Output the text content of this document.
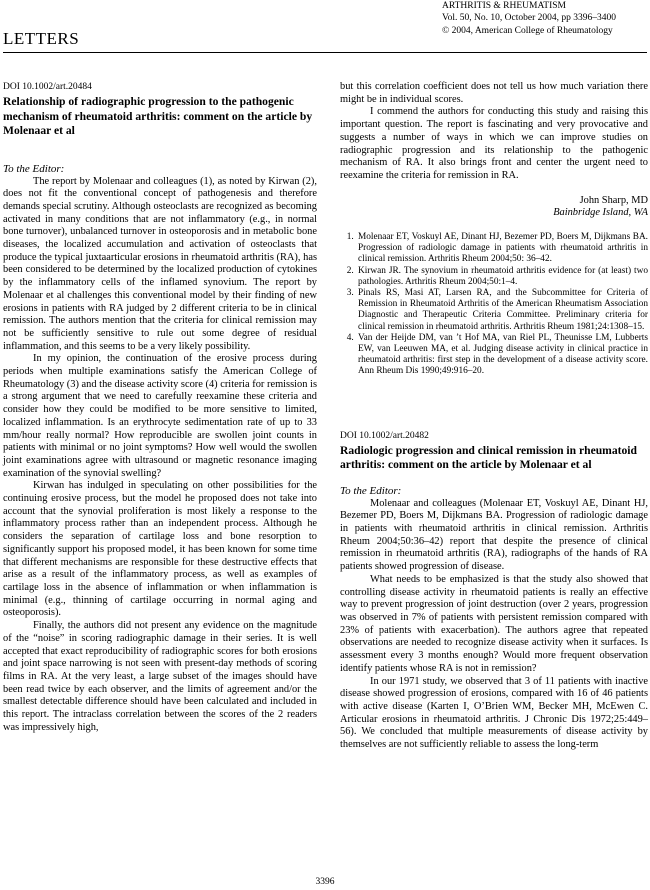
ARTHRITIS & RHEUMATISM
Vol. 50, No. 10, October 2004, pp 3396–3400
© 2004, American College of Rheumatology
LETTERS
DOI 10.1002/art.20484
Relationship of radiographic progression to the pathogenic mechanism of rheumatoid arthritis: comment on the article by Molenaar et al
To the Editor:

The report by Molenaar and colleagues (1), as noted by Kirwan (2), does not fit the conventional concept of pathogenesis and therefore demands special scrutiny. Although osteoclasts are recognized as becoming activated in many conditions that are not inflammatory (e.g., in normal bone turnover), unbalanced turnover in osteoporosis and in metabolic bone diseases, the localized accumulation and activation of osteoclasts that produce the typical juxtaarticular erosions in rheumatoid arthritis (RA), has been considered to be determined by the localized production of cytokines by the inflammatory cells of the inflamed synovium. The report by Molenaar et al challenges this conventional model by their finding of new erosions in patients with RA judged by 2 different criteria to be in clinical remission. The authors mention that the criteria for clinical remission may not be sufficiently sensitive to rule out some degree of residual inflammation, and this seems to be a very likely possibility.

In my opinion, the continuation of the erosive process during periods when multiple examinations satisfy the American College of Rheumatology (3) and the disease activity score (4) criteria for remission is a strong argument that we need to carefully reexamine these criteria and consider how they could be modified to be more sensitive to limited, localized inflammation. Is an erythrocyte sedimentation rate of up to 33 mm/hour really normal? How reproducible are swollen joint counts in patients with minimal or no joint symptoms? How well would the swollen joint examinations agree with ultrasound or magnetic resonance imaging examination of the synovial swelling?

Kirwan has indulged in speculating on other possibilities for the continuing erosive process, but the model he proposed does not take into account that the synovial proliferation is most likely a response to the inflammatory process rather than an independent process. Although he considers the separation of cartilage loss and bone resorption to significantly support his proposed model, it has been known for some time that different mechanisms are responsible for these destructive effects that arise as a result of the inflammatory process, as well as examples of cartilage loss in the absence of inflammation or when inflammation is minimal (e.g., thinning of cartilage occurring in normal aging and osteoporosis).

Finally, the authors did not present any evidence on the magnitude of the “noise” in scoring radiographic damage in their series. It is well accepted that exact reproducibility of radiographic scores for both erosions and joint space narrowing is not seen with present-day methods of scoring films in RA. At the very least, a large subset of the images should have been read twice by each observer, and the limits of agreement and/or the smallest detectable difference should have been calculated and included in this report. The intraclass correlation between the scores of the 2 readers was impressively high,

but this correlation coefficient does not tell us how much variation there might be in individual scores.

I commend the authors for conducting this study and raising this important question. The report is fascinating and very provocative and suggests a number of ways in which we can improve studies on radiographic progression and its relationship to the pathogenic mechanism of RA. It also brings front and center the urgent need to reexamine the criteria for remission in RA.

John Sharp, MD
Bainbridge Island, WA
1. Molenaar ET, Voskuyl AE, Dinant HJ, Bezemer PD, Boers M, Dijkmans BA. Progression of radiologic damage in patients with rheumatoid arthritis in clinical remission. Arthritis Rheum 2004;50: 36–42.
2. Kirwan JR. The synovium in rheumatoid arthritis evidence for (at least) two pathologies. Arthritis Rheum 2004;50:1–4.
3. Pinals RS, Masi AT, Larsen RA, and the Subcommittee for Criteria of Remission in Rheumatoid Arthritis of the American Rheumatism Association Diagnostic and Therapeutic Criteria Committee. Preliminary criteria for clinical remission in rheumatoid arthritis. Arthritis Rheum 1981;24:1308–15.
4. Van der Heijde DM, van ’t Hof MA, van Riel PL, Theunisse LM, Lubberts EW, van Leeuwen MA, et al. Judging disease activity in clinical practice in rheumatoid arthritis: first step in the development of a disease activity score. Ann Rheum Dis 1990;49:916–20.
DOI 10.1002/art.20482
Radiologic progression and clinical remission in rheumatoid arthritis: comment on the article by Molenaar et al
To the Editor:

Molenaar and colleagues (Molenaar ET, Voskuyl AE, Dinant HJ, Bezemer PD, Boers M, Dijkmans BA. Progression of radiologic damage in patients with rheumatoid arthritis in clinical remission. Arthritis Rheum 2004;50:36–42) report that despite the presence of clinical remission in rheumatoid arthritis (RA), radiographs of the hands of RA patients showed progression of disease.

What needs to be emphasized is that the study also showed that controlling disease activity in rheumatoid patients is really an effective way to prevent progression of joint destruction (over 2 years, progression was observed in 7% of patients with persistent remission compared with 23% of patients with exacerbation). The authors agree that repeated observations are needed to recognize disease activity when it surfaces. Is assessment every 3 months enough? Would more frequent observation identify patients whose RA is not in remission?

In our 1971 study, we observed that 3 of 11 patients with inactive disease showed progression of erosions, compared with 16 of 46 patients with active disease (Karten I, O’Brien WM, Becker MH, McEwen C. Articular erosions in rheumatoid arthritis. J Chronic Dis 1972;25:449–56). We concluded that multiple measurements of disease activity by themselves are not sufficiently reliable to assess the long-term

3396
